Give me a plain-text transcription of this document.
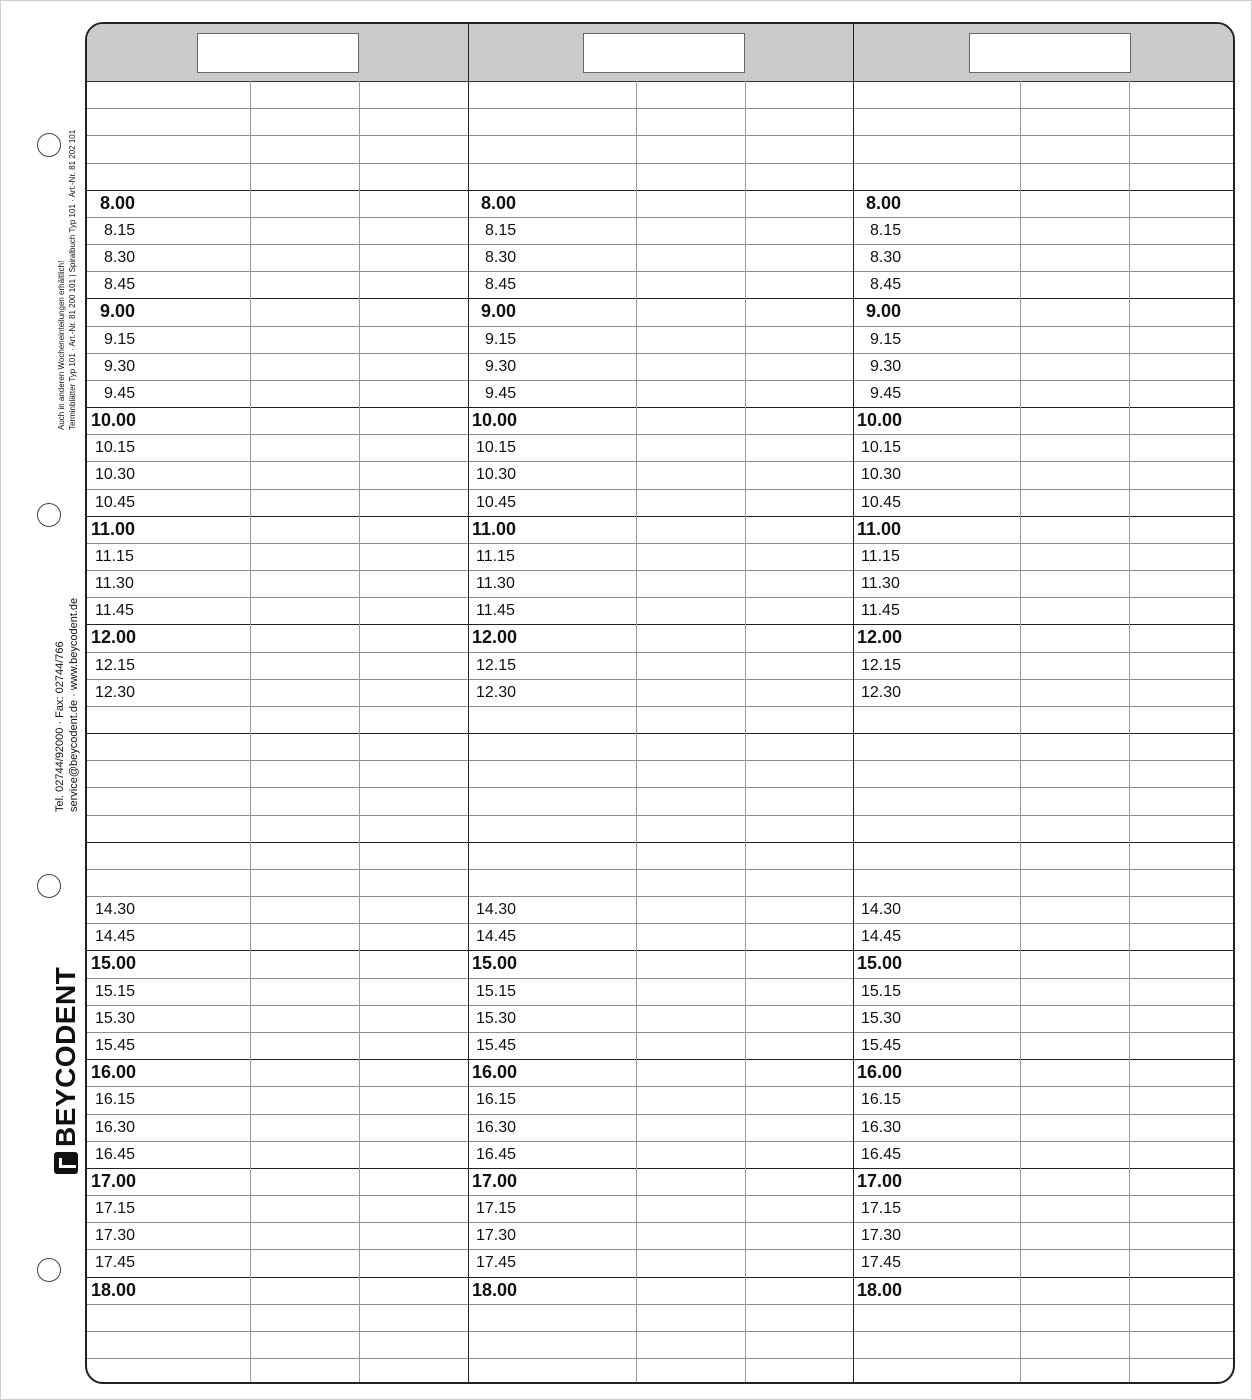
Auch in anderen Wocheneinteilungen erhältlich! Terminblätter Typ 101 · Art.-Nr. 81 200 101 | Spiralbuch Typ 101 · Art.-Nr. 81 202 101
Tel. 02744/92000 · Fax: 02744/766 service@beycodent.de · www.beycodent.de
BEYCODENT
8.00	8.00	8.00
8.15	8.15	8.15
8.30	8.30	8.30
8.45	8.45	8.45
9.00	9.00	9.00
9.15	9.15	9.15
9.30	9.30	9.30
9.45	9.45	9.45
10.00	10.00	10.00
10.15	10.15	10.15
10.30	10.30	10.30
10.45	10.45	10.45
11.00	11.00	11.00
11.15	11.15	11.15
11.30	11.30	11.30
11.45	11.45	11.45
12.00	12.00	12.00
12.15	12.15	12.15
12.30	12.30	12.30
14.30	14.30	14.30
14.45	14.45	14.45
15.00	15.00	15.00
15.15	15.15	15.15
15.30	15.30	15.30
15.45	15.45	15.45
16.00	16.00	16.00
16.15	16.15	16.15
16.30	16.30	16.30
16.45	16.45	16.45
17.00	17.00	17.00
17.15	17.15	17.15
17.30	17.30	17.30
17.45	17.45	17.45
18.00	18.00	18.00
